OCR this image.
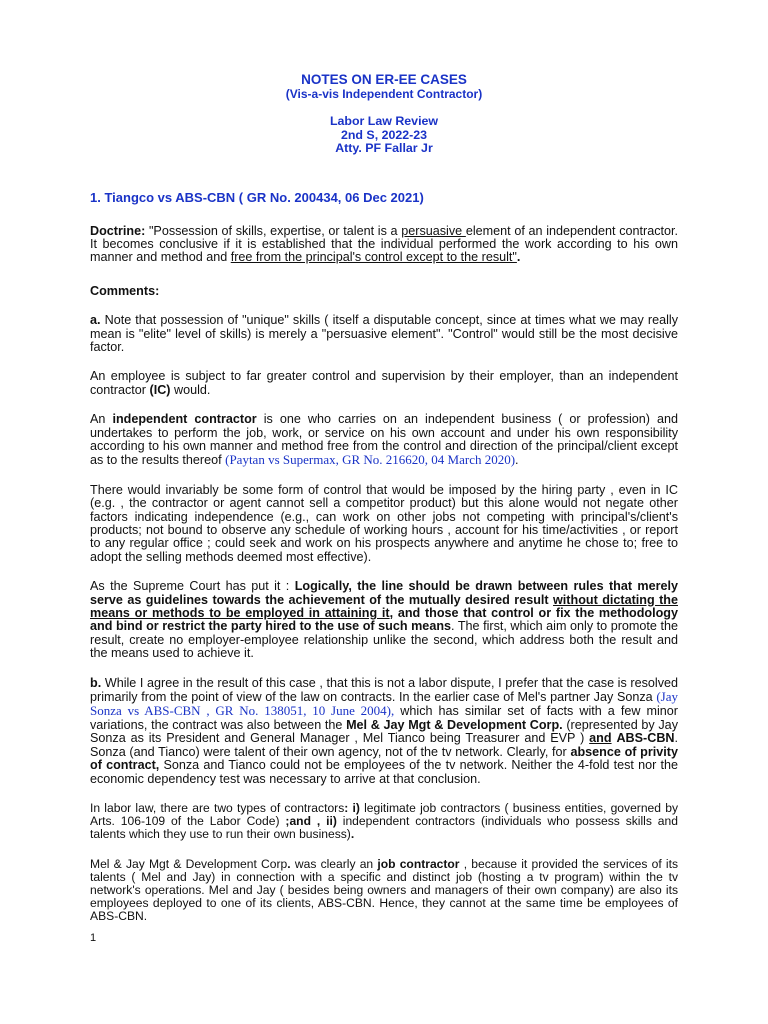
NOTES ON ER-EE CASES
(Vis-a-vis Independent Contractor)
Labor Law Review
2nd S, 2022-23
Atty. PF Fallar Jr
1. Tiangco vs ABS-CBN ( GR No. 200434, 06 Dec 2021)

Doctrine: "Possession of skills, expertise, or talent is a persuasive element of an independent contractor. It becomes conclusive if it is established that the individual performed the work according to his own manner and method and free from the principal's control except to the result".

Comments:

a. Note that possession of "unique" skills ( itself a disputable concept, since at times what we may really mean is "elite" level of skills) is merely a "persuasive element". "Control" would still be the most decisive factor.

An employee is subject to far greater control and supervision by their employer, than an independent contractor (IC) would.

An independent contractor is one who carries on an independent business ( or profession) and undertakes to perform the job, work, or service on his own account and under his own responsibility according to his own manner and method free from the control and direction of the principal/client except as to the results thereof (Paytan vs Supermax, GR No. 216620, 04 March 2020).

There would invariably be some form of control that would be imposed by the hiring party , even in IC (e.g. , the contractor or agent cannot sell a competitor product) but this alone would not negate other factors indicating independence (e.g., can work on other jobs not competing with principal's/client's products; not bound to observe any schedule of working hours , account for his time/activities , or report to any regular office ; could seek and work on his prospects anywhere and anytime he chose to; free to adopt the selling methods deemed most effective).

As the Supreme Court has put it : Logically, the line should be drawn between rules that merely serve as guidelines towards the achievement of the mutually desired result without dictating the means or methods to be employed in attaining it, and those that control or fix the methodology and bind or restrict the party hired to the use of such means. The first, which aim only to promote the result, create no employer-employee relationship unlike the second, which address both the result and the means used to achieve it.

b. While I agree in the result of this case , that this is not a labor dispute, I prefer that the case is resolved primarily from the point of view of the law on contracts. In the earlier case of Mel's partner Jay Sonza (Jay Sonza vs ABS-CBN , GR No. 138051, 10 June 2004), which has similar set of facts with a few minor variations, the contract was also between the Mel & Jay Mgt & Development Corp. (represented by Jay Sonza as its President and General Manager , Mel Tianco being Treasurer and EVP ) and ABS-CBN. Sonza (and Tianco) were talent of their own agency, not of the tv network. Clearly, for absence of privity of contract, Sonza and Tianco could not be employees of the tv network. Neither the 4-fold test nor the economic dependency test was necessary to arrive at that conclusion.

In labor law, there are two types of contractors: i) legitimate job contractors ( business entities, governed by Arts. 106-109 of the Labor Code) ;and , ii) independent contractors (individuals who possess skills and talents which they use to run their own business).

Mel & Jay Mgt & Development Corp. was clearly an job contractor , because it provided the services of its talents ( Mel and Jay) in connection with a specific and distinct job (hosting a tv program) within the tv network's operations. Mel and Jay ( besides being owners and managers of their own company) are also its employees deployed to one of its clients, ABS-CBN. Hence, they cannot at the same time be employees of ABS-CBN.

1
